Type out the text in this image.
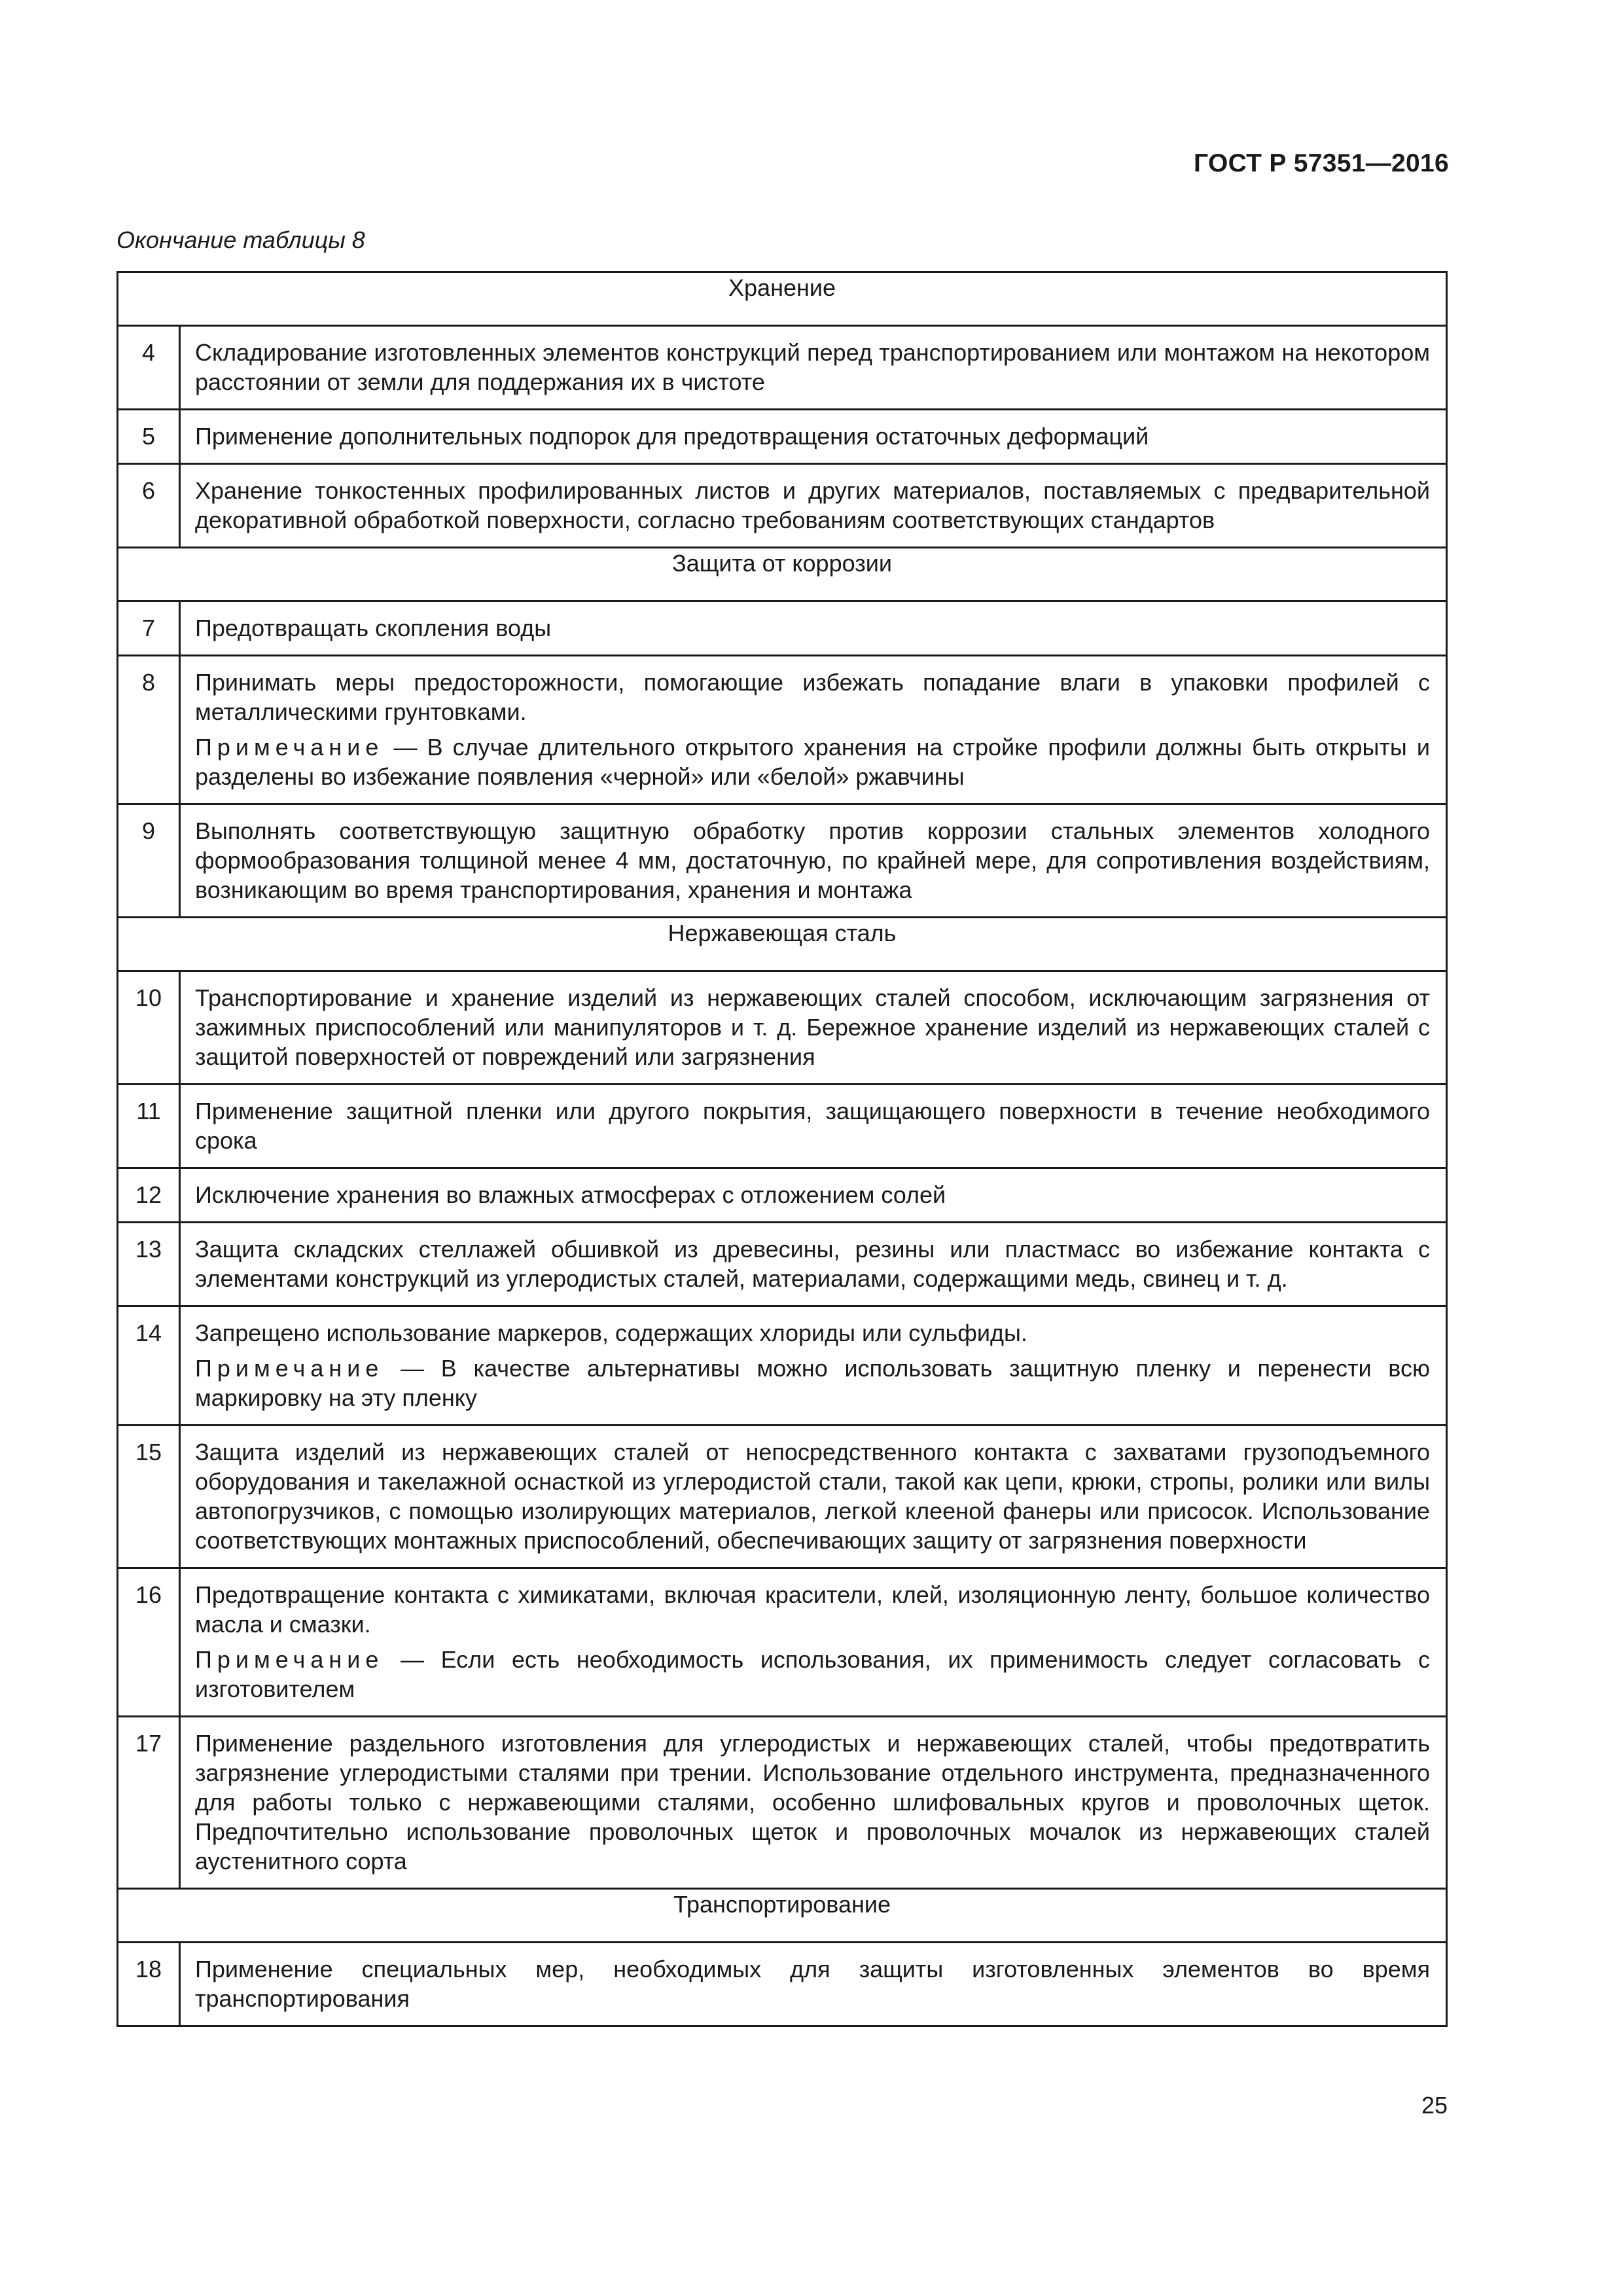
ГОСТ Р 57351—2016
Окончание таблицы 8
Хранение	
4	Складирование изготовленных элементов конструкций перед транспортированием или монтажом на некотором расстоянии от земли для поддержания их в чистоте
5	Применение дополнительных подпорок для предотвращения остаточных деформаций
6	Хранение тонкостенных профилированных листов и других материалов, поставляемых с предварительной декоративной обработкой поверхности, согласно требованиям соответствующих стандартов
Защита от коррозии	
7	Предотвращать скопления воды
8	Принимать меры предосторожности, помогающие избежать попадание влаги в упаковки профилей с металлическими грунтовками.
Примечание — В случае длительного открытого хранения на стройке профили должны быть открыты и разделены во избежание появления «черной» или «белой» ржавчины

9	Выполнять соответствующую защитную обработку против коррозии стальных элементов холодного формообразования толщиной менее 4 мм, достаточную, по крайней мере, для сопротивления воздействиям, возникающим во время транспортирования, хранения и монтажа
Нержавеющая сталь	
10	Транспортирование и хранение изделий из нержавеющих сталей способом, исключающим загрязнения от зажимных приспособлений или манипуляторов и т. д. Бережное хранение изделий из нержавеющих сталей с защитой поверхностей от повреждений или загрязнения
11	Применение защитной пленки или другого покрытия, защищающего поверхности в течение необходимого срока
12	Исключение хранения во влажных атмосферах с отложением солей
13	Защита складских стеллажей обшивкой из древесины, резины или пластмасс во избежание контакта с элементами конструкций из углеродистых сталей, материалами, содержащими медь, свинец и т. д.
14	Запрещено использование маркеров, содержащих хлориды или сульфиды.
Примечание — В качестве альтернативы можно использовать защитную пленку и перенести всю маркировку на эту пленку

15	Защита изделий из нержавеющих сталей от непосредственного контакта с захватами грузоподъемного оборудования и такелажной оснасткой из углеродистой стали, такой как цепи, крюки, стропы, ролики или вилы автопогрузчиков, с помощью изолирующих материалов, легкой клееной фанеры или присосок. Использование соответствующих монтажных приспособлений, обеспечивающих защиту от загрязнения поверхности
16	Предотвращение контакта с химикатами, включая красители, клей, изоляционную ленту, большое количество масла и смазки.
Примечание — Если есть необходимость использования, их применимость следует согласовать с изготовителем

17	Применение раздельного изготовления для углеродистых и нержавеющих сталей, чтобы предотвратить загрязнение углеродистыми сталями при трении. Использование отдельного инструмента, предназначенного для работы только с нержавеющими сталями, особенно шлифовальных кругов и проволочных щеток. Предпочтительно использование проволочных щеток и проволочных мочалок из нержавеющих сталей аустенитного сорта
Транспортирование	
18	Применение специальных мер, необходимых для защиты изготовленных элементов во время транспортирования
25
